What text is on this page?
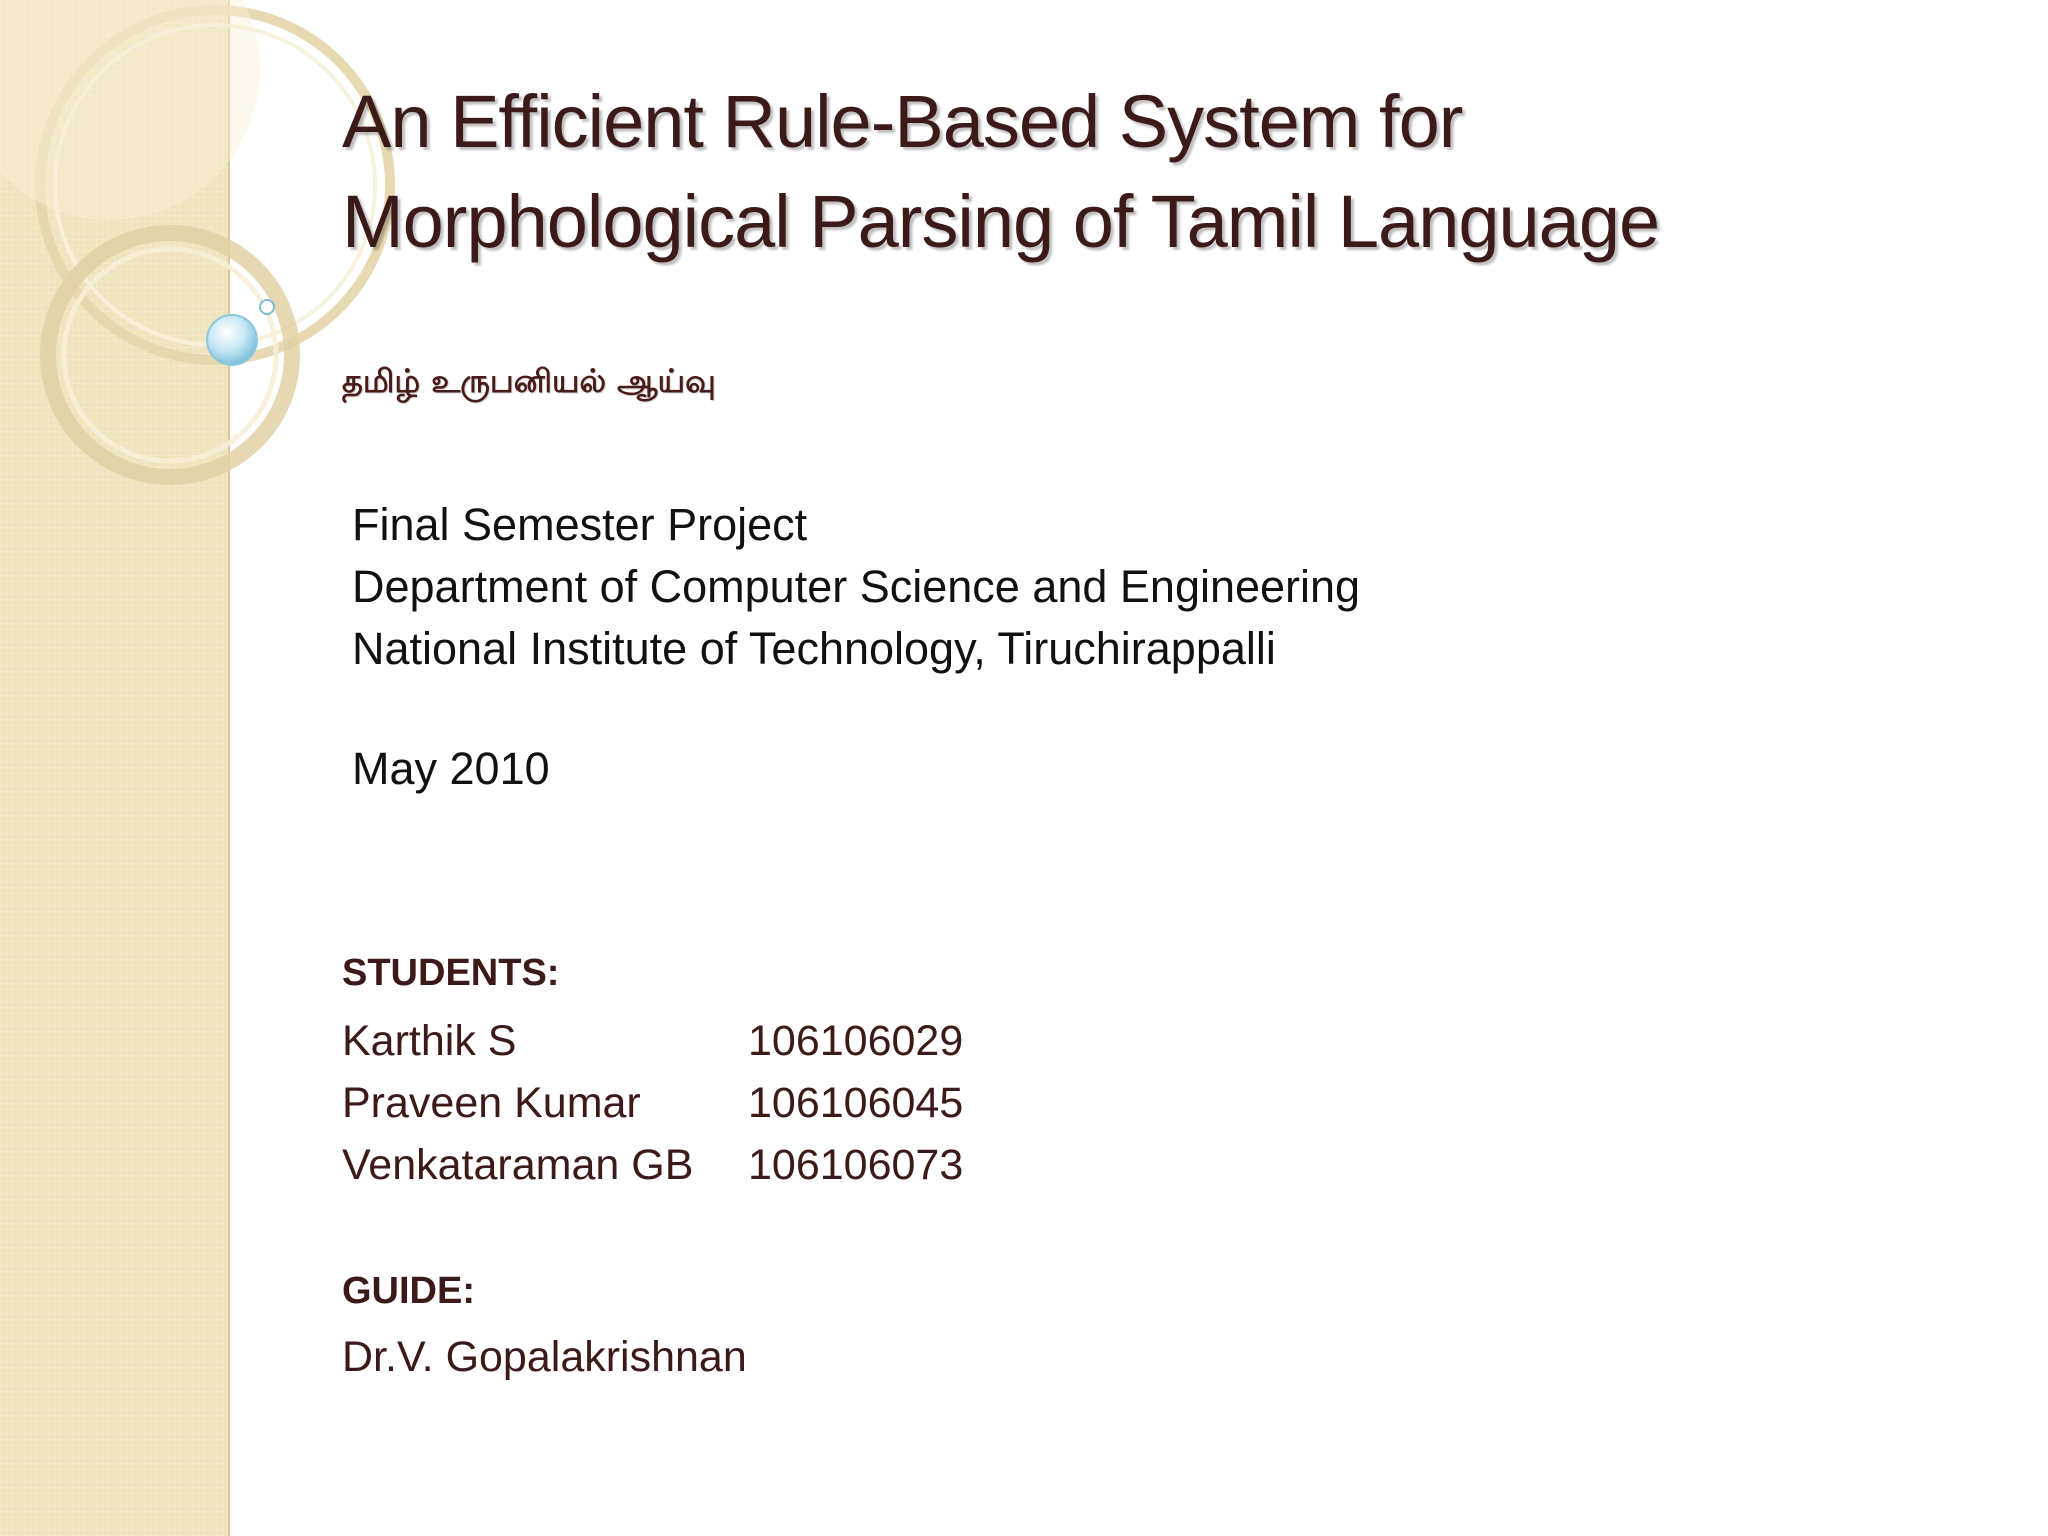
An Efficient Rule-Based System for
Morphological Parsing of Tamil Language
தமிழ் உருபனியல் ஆய்வு
Final Semester Project
Department of Computer Science and Engineering
National Institute of Technology, Tiruchirappalli
May 2010
STUDENTS:
Karthik S	106106029
Praveen Kumar 106106045
Venkataraman GB 106106073
GUIDE:
Dr.V. Gopalakrishnan
